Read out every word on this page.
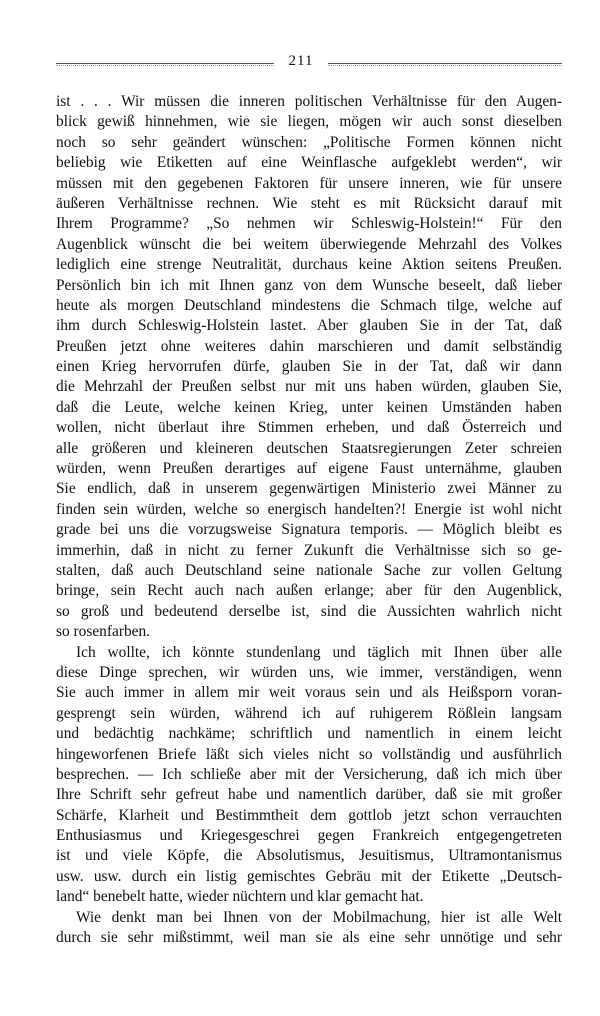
211
ist . . . Wir müssen die inneren politischen Verhältnisse für den Augen-
blick gewiß hinnehmen, wie sie liegen, mögen wir auch sonst dieselben
noch so sehr geändert wünschen: „Politische Formen können nicht
beliebig wie Etiketten auf eine Weinflasche aufgeklebt werden“, wir
müssen mit den gegebenen Faktoren für unsere inneren, wie für unsere
äußeren Verhältnisse rechnen. Wie steht es mit Rücksicht darauf mit
Ihrem Programme? „So nehmen wir Schleswig-Holstein!“ Für den
Augenblick wünscht die bei weitem überwiegende Mehrzahl des Volkes
lediglich eine strenge Neutralität, durchaus keine Aktion seitens Preußen.
Persönlich bin ich mit Ihnen ganz von dem Wunsche beseelt, daß lieber
heute als morgen Deutschland mindestens die Schmach tilge, welche auf
ihm durch Schleswig-Holstein lastet. Aber glauben Sie in der Tat, daß
Preußen jetzt ohne weiteres dahin marschieren und damit selbständig
einen Krieg hervorrufen dürfe, glauben Sie in der Tat, daß wir dann
die Mehrzahl der Preußen selbst nur mit uns haben würden, glauben Sie,
daß die Leute, welche keinen Krieg, unter keinen Umständen haben
wollen, nicht überlaut ihre Stimmen erheben, und daß Österreich und
alle größeren und kleineren deutschen Staatsregierungen Zeter schreien
würden, wenn Preußen derartiges auf eigene Faust unternähme, glauben
Sie endlich, daß in unserem gegenwärtigen Ministerio zwei Männer zu
finden sein würden, welche so energisch handelten?! Energie ist wohl nicht
grade bei uns die vorzugsweise Signatura temporis. — Möglich bleibt es
immerhin, daß in nicht zu ferner Zukunft die Verhältnisse sich so ge-
stalten, daß auch Deutschland seine nationale Sache zur vollen Geltung
bringe, sein Recht auch nach außen erlange; aber für den Augenblick,
so groß und bedeutend derselbe ist, sind die Aussichten wahrlich nicht
so rosenfarben.
Ich wollte, ich könnte stundenlang und täglich mit Ihnen über alle
diese Dinge sprechen, wir würden uns, wie immer, verständigen, wenn
Sie auch immer in allem mir weit voraus sein und als Heißsporn voran-
gesprengt sein würden, während ich auf ruhigerem Rößlein langsam
und bedächtig nachkäme; schriftlich und namentlich in einem leicht
hingeworfenen Briefe läßt sich vieles nicht so vollständig und ausführlich
besprechen. — Ich schließe aber mit der Versicherung, daß ich mich über
Ihre Schrift sehr gefreut habe und namentlich darüber, daß sie mit großer
Schärfe, Klarheit und Bestimmtheit dem gottlob jetzt schon verrauchten
Enthusiasmus und Kriegesgeschrei gegen Frankreich entgegengetreten
ist und viele Köpfe, die Absolutismus, Jesuitismus, Ultramontanismus
usw. usw. durch ein listig gemischtes Gebräu mit der Etikette „Deutsch-
land“ benebelt hatte, wieder nüchtern und klar gemacht hat.
Wie denkt man bei Ihnen von der Mobilmachung, hier ist alle Welt
durch sie sehr mißstimmt, weil man sie als eine sehr unnötige und sehr
